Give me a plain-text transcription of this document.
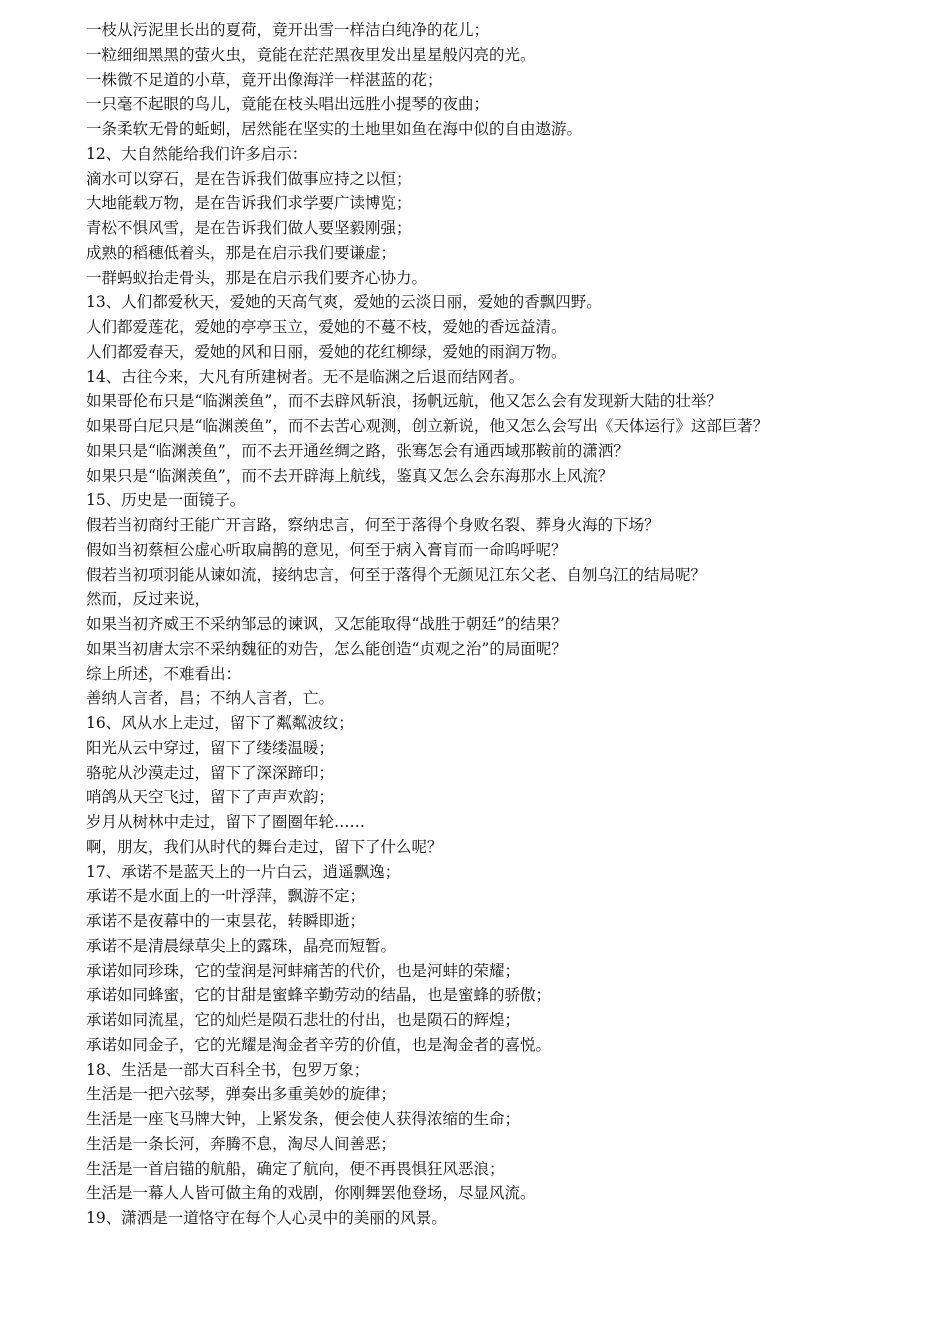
一枝从污泥里长出的夏荷，竟开出雪一样洁白纯净的花儿；
一粒细细黑黑的萤火虫，竟能在茫茫黑夜里发出星星般闪亮的光。
一株微不足道的小草，竟开出像海洋一样湛蓝的花；
一只毫不起眼的鸟儿，竟能在枝头唱出远胜小提琴的夜曲；
一条柔软无骨的蚯蚓，居然能在坚实的土地里如鱼在海中似的自由遨游。
12、大自然能给我们许多启示：
滴水可以穿石，是在告诉我们做事应持之以恒；
大地能载万物，是在告诉我们求学要广读博览；
青松不惧风雪，是在告诉我们做人要坚毅刚强；
成熟的稻穗低着头，那是在启示我们要谦虚；
一群蚂蚁抬走骨头，那是在启示我们要齐心协力。
13、人们都爱秋天，爱她的天高气爽，爱她的云淡日丽，爱她的香飘四野。
人们都爱莲花，爱她的亭亭玉立，爱她的不蔓不枝，爱她的香远益清。
人们都爱春天，爱她的风和日丽，爱她的花红柳绿，爱她的雨润万物。
14、古往今来，大凡有所建树者。无不是临渊之后退而结网者。
如果哥伦布只是“临渊羡鱼”，而不去辟风斩浪，扬帆远航，他又怎么会有发现新大陆的壮举？
如果哥白尼只是“临渊羡鱼”，而不去苦心观测，创立新说，他又怎么会写出《天体运行》这部巨著？
如果只是“临渊羡鱼”，而不去开通丝绸之路，张骞怎会有通西域那鞍前的潇洒？
如果只是“临渊羡鱼”，而不去开辟海上航线，鉴真又怎么会东海那水上风流？
15、历史是一面镜子。
假若当初商纣王能广开言路，察纳忠言，何至于落得个身败名裂、葬身火海的下场？
假如当初蔡桓公虚心听取扁鹊的意见，何至于病入膏肓而一命呜呼呢？
假若当初项羽能从谏如流，接纳忠言，何至于落得个无颜见江东父老、自刎乌江的结局呢？
然而，反过来说，
如果当初齐威王不采纳邹忌的谏讽，又怎能取得“战胜于朝廷”的结果？
如果当初唐太宗不采纳魏征的劝告，怎么能创造“贞观之治”的局面呢？
综上所述，不难看出：
善纳人言者，昌；不纳人言者，亡。
16、风从水上走过，留下了粼粼波纹；
阳光从云中穿过，留下了缕缕温暖；
骆驼从沙漠走过，留下了深深蹄印；
哨鸽从天空飞过，留下了声声欢韵；
岁月从树林中走过，留下了圈圈年轮……
啊，朋友，我们从时代的舞台走过，留下了什么呢？
17、承诺不是蓝天上的一片白云，逍遥飘逸；
承诺不是水面上的一叶浮萍，飘游不定；
承诺不是夜幕中的一束昙花，转瞬即逝；
承诺不是清晨绿草尖上的露珠，晶亮而短暂。
承诺如同珍珠，它的莹润是河蚌痛苦的代价，也是河蚌的荣耀；
承诺如同蜂蜜，它的甘甜是蜜蜂辛勤劳动的结晶，也是蜜蜂的骄傲；
承诺如同流星，它的灿烂是陨石悲壮的付出，也是陨石的辉煌；
承诺如同金子，它的光耀是淘金者辛劳的价值，也是淘金者的喜悦。
18、生活是一部大百科全书，包罗万象；
生活是一把六弦琴，弹奏出多重美妙的旋律；
生活是一座飞马牌大钟，上紧发条，便会使人获得浓缩的生命；
生活是一条长河，奔腾不息，淘尽人间善恶；
生活是一首启锚的航船，确定了航向，便不再畏惧狂风恶浪；
生活是一幕人人皆可做主角的戏剧，你刚舞罢他登场，尽显风流。
19、潇洒是一道恪守在每个人心灵中的美丽的风景。
